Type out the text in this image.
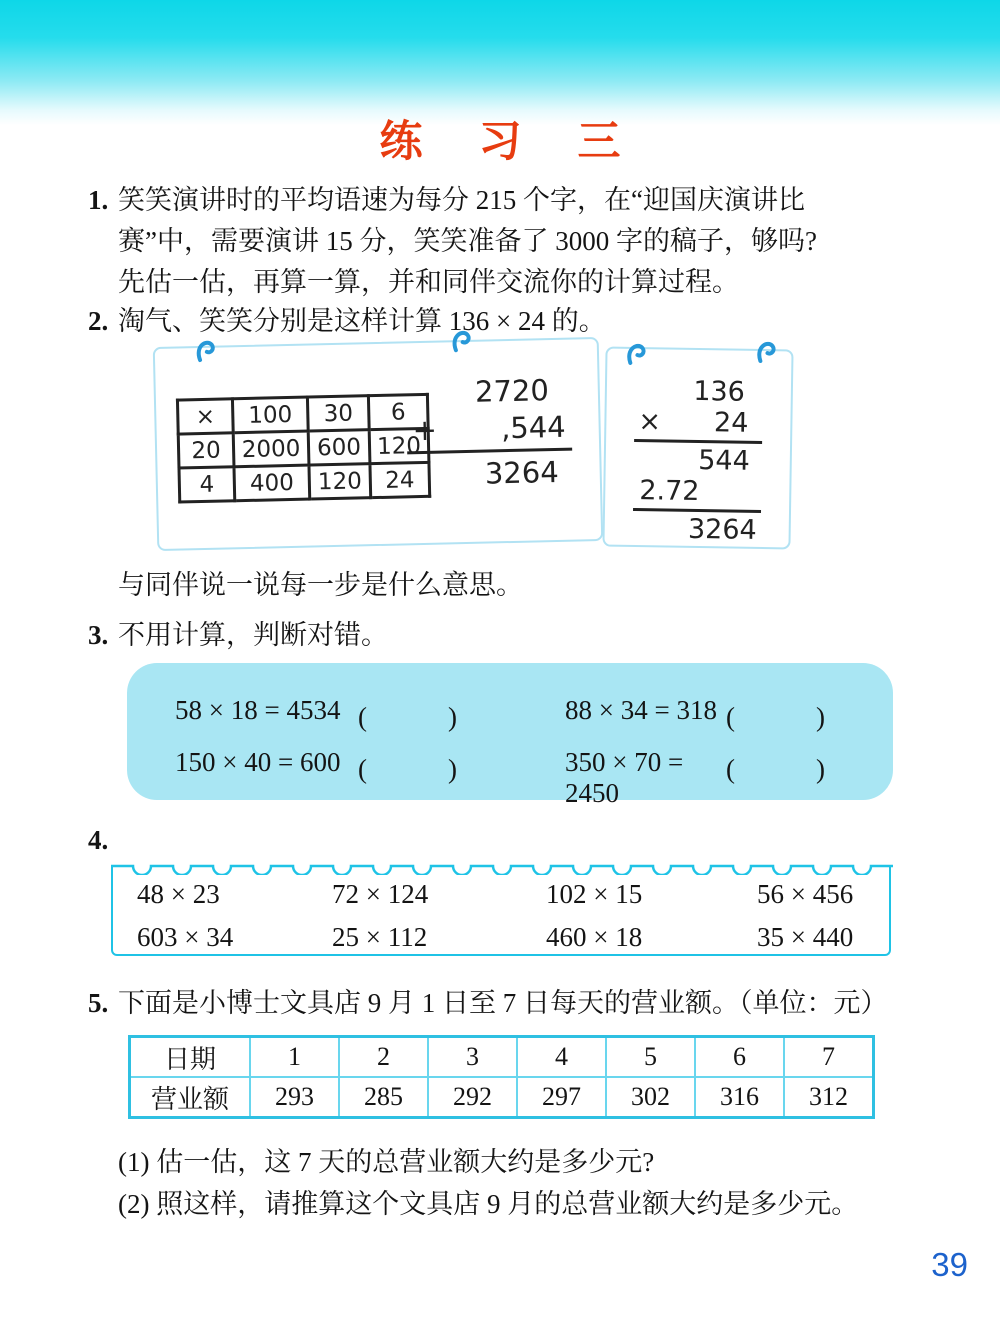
练 习 三
1. 笑笑演讲时的平均语速为每分 215 个字，在“迎国庆演讲比
赛”中，需要演讲 15 分，笑笑准备了 3000 字的稿子，够吗?
先估一估，再算一算，并和同伴交流你的计算过程。
2. 淘气、笑笑分别是这样计算 136 × 24 的。
×	100	30	6
20	2000	600	120
4	400	120	24
2720
+ ,544
3264
136
× 24
544
2.72
3264
与同伴说一说每一步是什么意思。
3. 不用计算，判断对错。
58 × 18 = 4534 (　　　)	88 × 34 = 318 (　　　)
150 × 40 = 600 (　　　)	350 × 70 = 2450
(　　　)
4.
48 × 23	72 × 124	102 × 15	56 × 456
603 × 34	25 × 112	460 × 18	35 × 440
5. 下面是小博士文具店 9 月 1 日至 7 日每天的营业额。（单位：元）
日期	1	2	3	4	5	6	7
营业额	293	285	292	297	302	316	312
(1) 估一估，这 7 天的总营业额大约是多少元?
(2) 照这样，请推算这个文具店 9 月的总营业额大约是多少元。
39
